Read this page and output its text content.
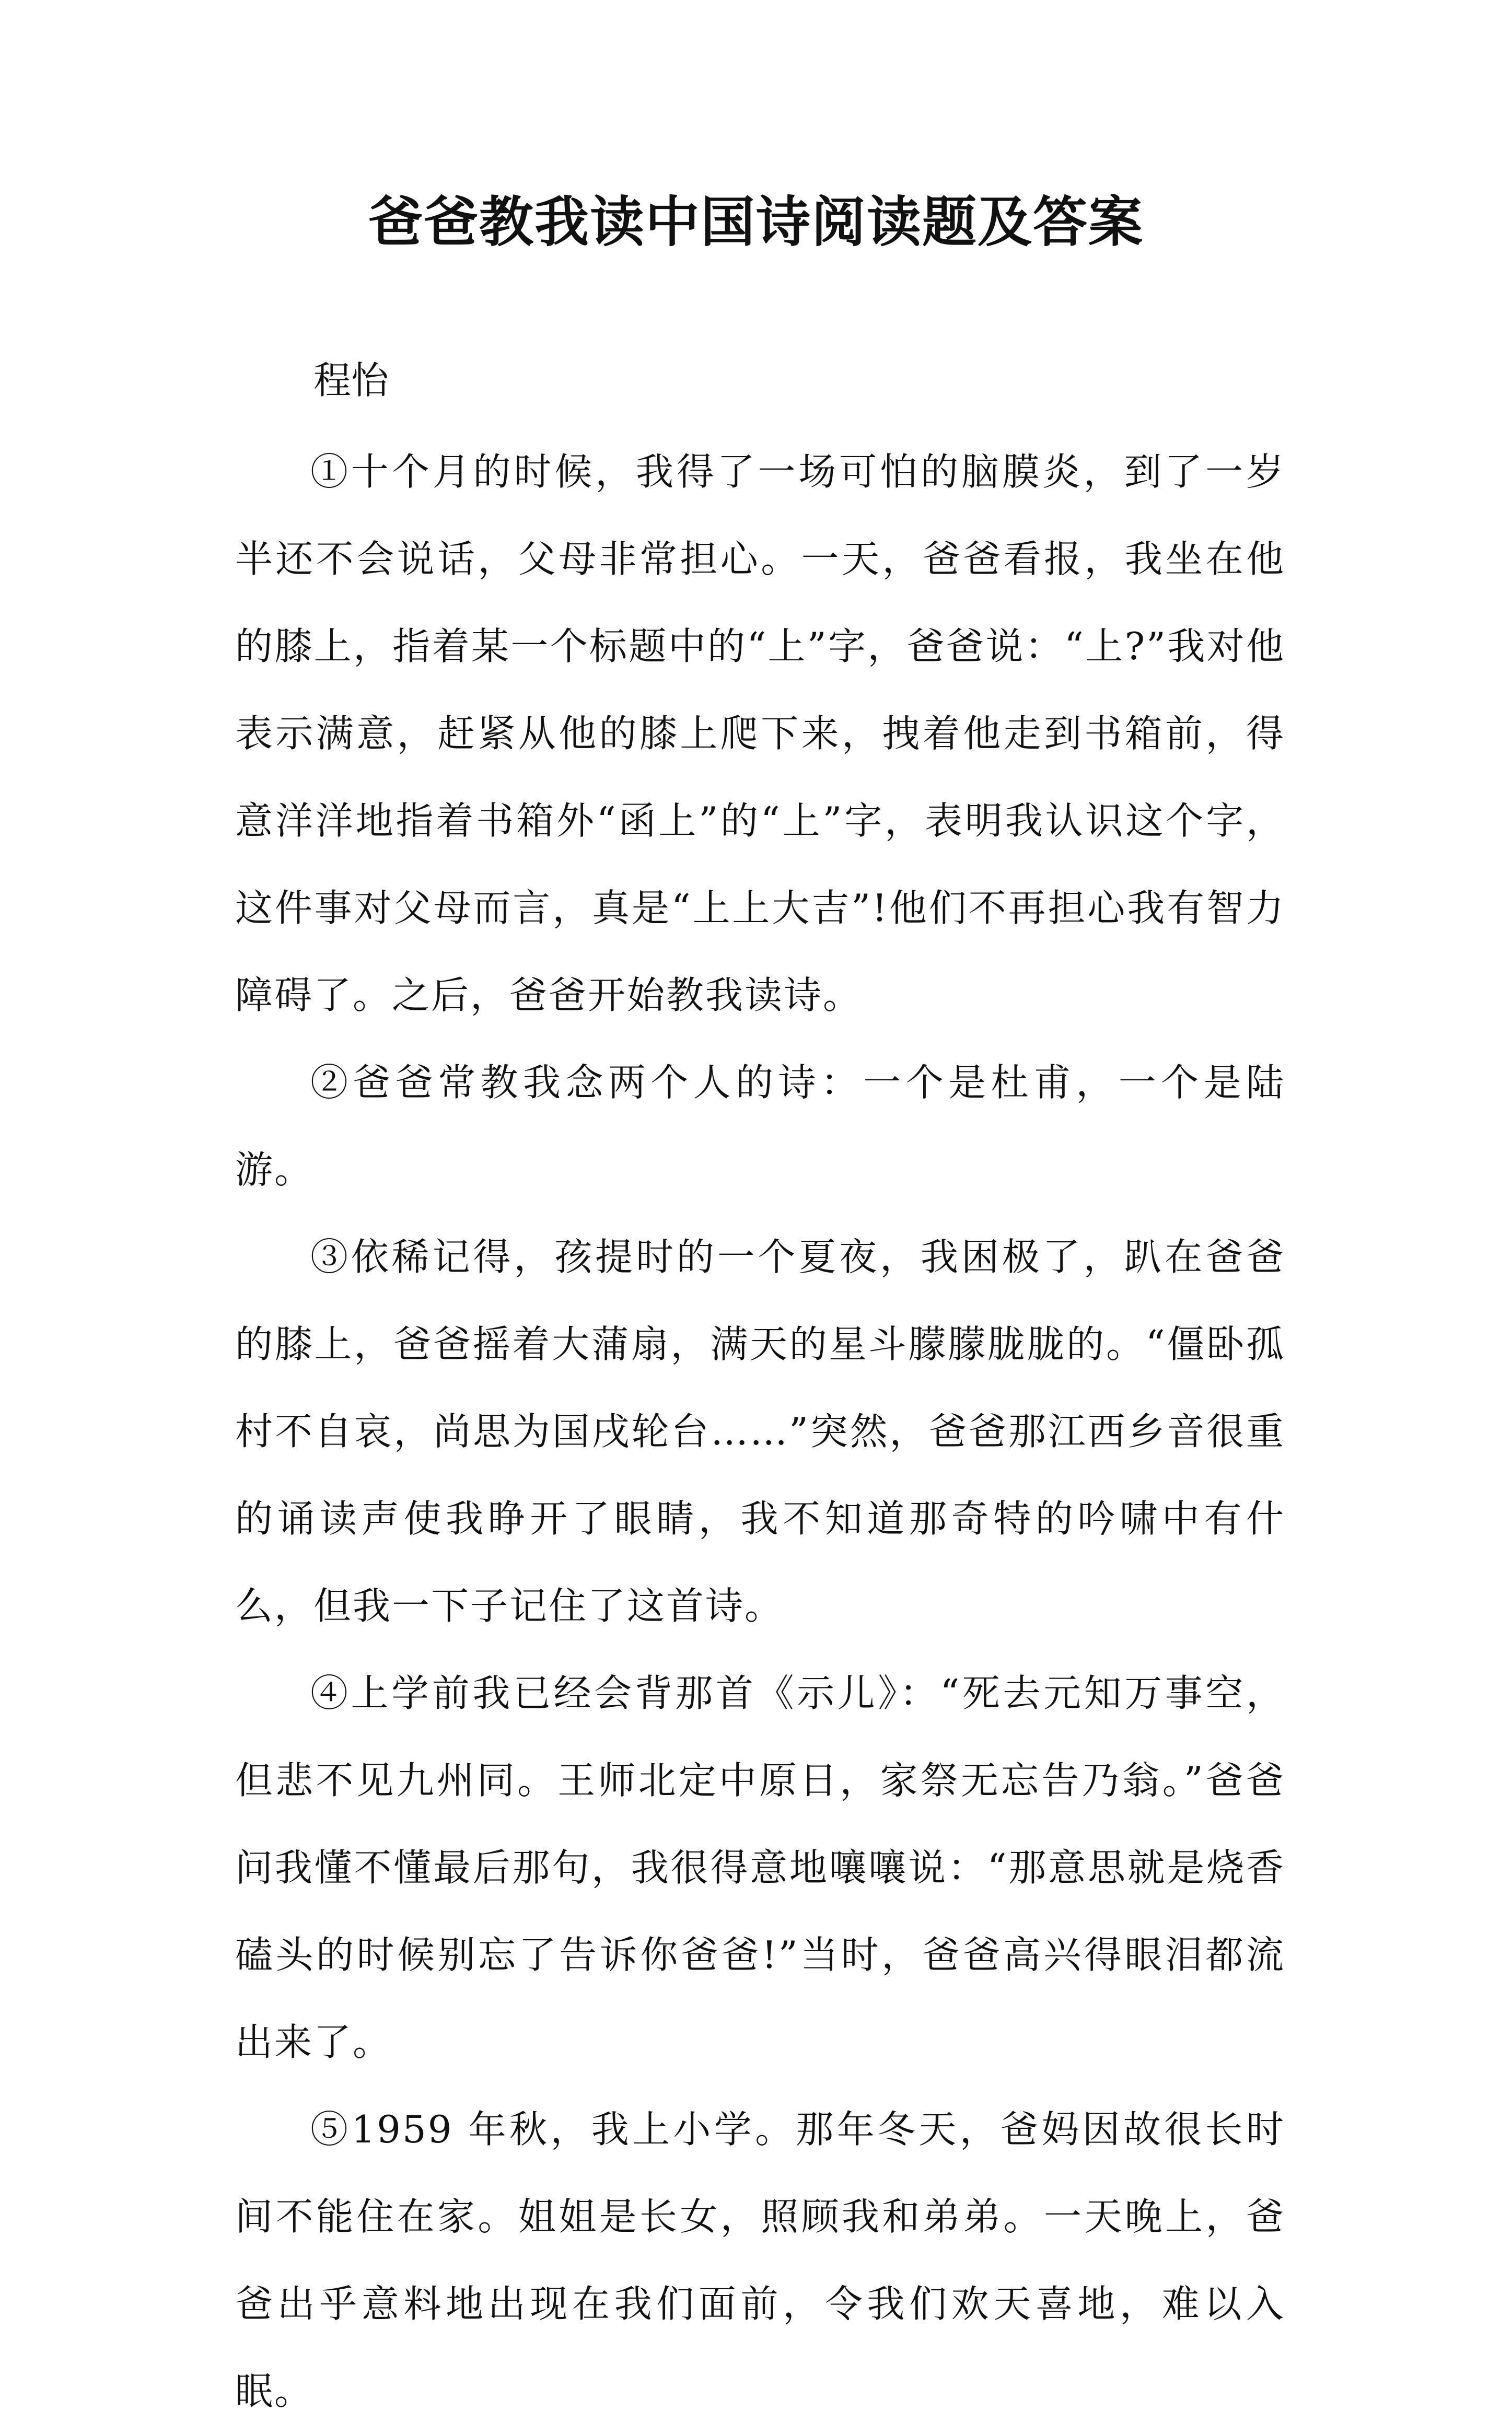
爸爸教我读中国诗阅读题及答案
程怡

①十个月的时候，我得了一场可怕的脑膜炎，到了一岁半还不会说话，父母非常担心。一天，爸爸看报，我坐在他的膝上，指着某一个标题中的“上”字，爸爸说：“上?”我对他表示满意，赶紧从他的膝上爬下来，拽着他走到书箱前，得意洋洋地指着书箱外“函上”的“上”字，表明我认识这个字，这件事对父母而言，真是“上上大吉”!他们不再担心我有智力障碍了。之后，爸爸开始教我读诗。

②爸爸常教我念两个人的诗：一个是杜甫，一个是陆游。

③依稀记得，孩提时的一个夏夜，我困极了，趴在爸爸的膝上，爸爸摇着大蒲扇，满天的星斗朦朦胧胧的。“僵卧孤村不自哀，尚思为国戌轮台……”突然，爸爸那江西乡音很重的诵读声使我睁开了眼睛，我不知道那奇特的吟啸中有什么，但我一下子记住了这首诗。

④上学前我已经会背那首《示儿》：“死去元知万事空，但悲不见九州同。王师北定中原日，家祭无忘告乃翁。”爸爸问我懂不懂最后那句，我很得意地嚷嚷说：“那意思就是烧香磕头的时候别忘了告诉你爸爸!”当时，爸爸高兴得眼泪都流出来了。

⑤1959 年秋，我上小学。那年冬天，爸妈因故很长时间不能住在家。姐姐是长女，照顾我和弟弟。一天晚上，爸爸出乎意料地出现在我们面前，令我们欢天喜地，难以入眠。
